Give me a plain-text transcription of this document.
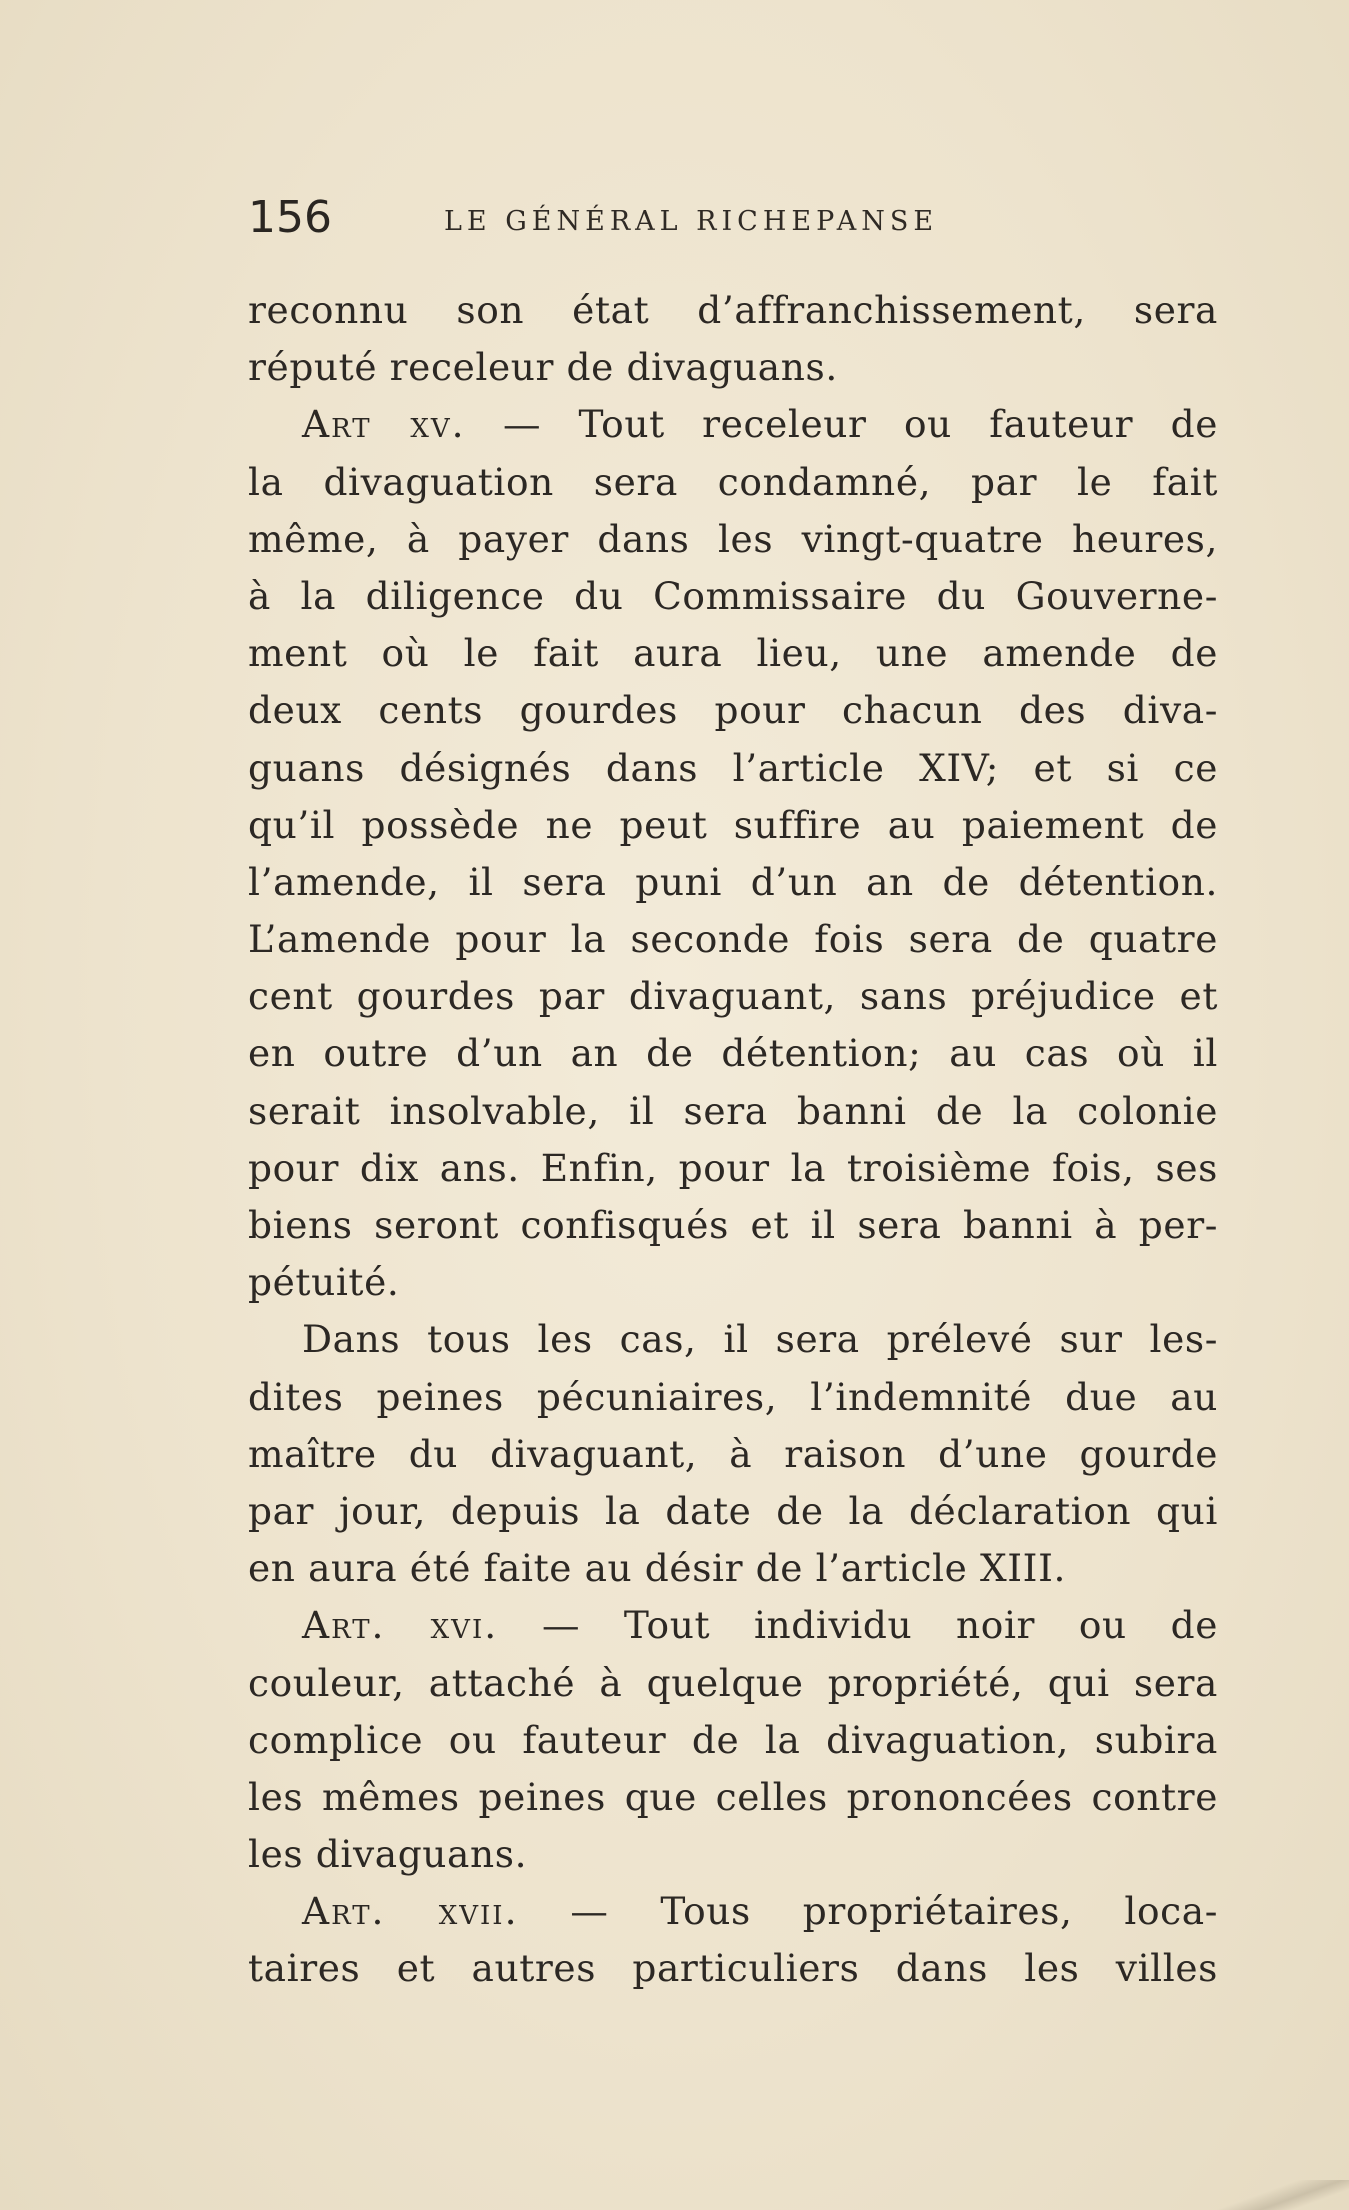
156	LE GÉNÉRAL RICHEPANSE
reconnu son état d’affranchissement, sera
réputé receleur de divaguans.
Art xv. — Tout receleur ou fauteur de
la divaguation sera condamné, par le fait
même, à payer dans les vingt-quatre heures,
à la diligence du Commissaire du Gouverne-
ment où le fait aura lieu, une amende de
deux cents gourdes pour chacun des diva-
guans désignés dans l’article XIV; et si ce
qu’il possède ne peut suffire au paiement de
l’amende, il sera puni d’un an de détention.
L’amende pour la seconde fois sera de quatre
cent gourdes par divaguant, sans préjudice et
en outre d’un an de détention; au cas où il
serait insolvable, il sera banni de la colonie
pour dix ans. Enfin, pour la troisième fois, ses
biens seront confisqués et il sera banni à per-
pétuité.
Dans tous les cas, il sera prélevé sur les-
dites peines pécuniaires, l’indemnité due au
maître du divaguant, à raison d’une gourde
par jour, depuis la date de la déclaration qui
en aura été faite au désir de l’article XIII.
Art. xvi. — Tout individu noir ou de
couleur, attaché à quelque propriété, qui sera
complice ou fauteur de la divaguation, subira
les mêmes peines que celles prononcées contre
les divaguans.
Art. xvii. — Tous propriétaires, loca-
taires et autres particuliers dans les villes
